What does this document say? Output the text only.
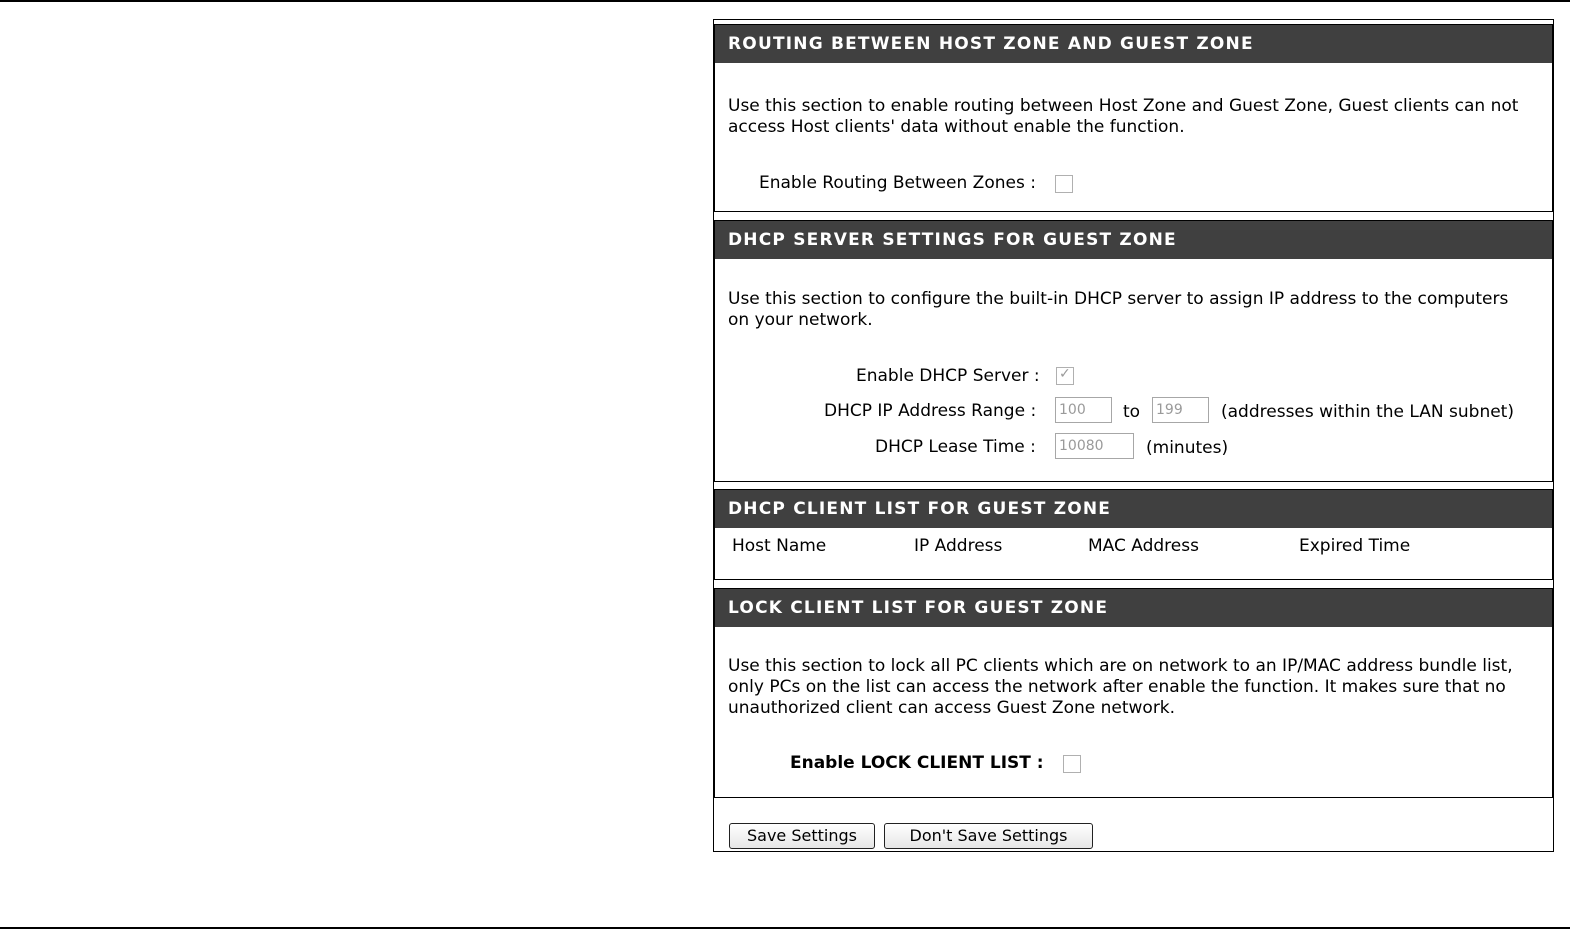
ROUTING BETWEEN HOST ZONE AND GUEST ZONE
Use this section to enable routing between Host Zone and Guest Zone, Guest clients can not access Host clients' data without enable the function.
Enable Routing Between Zones :
DHCP SERVER SETTINGS FOR GUEST ZONE
Use this section to configure the built-in DHCP server to assign IP address to the computers on your network.
Enable DHCP Server : ✓
DHCP IP Address Range : 100	to 199	(addresses within the LAN subnet)
DHCP Lease Time : 10080	(minutes)
DHCP CLIENT LIST FOR GUEST ZONE
Host Name	IP Address	MAC Address	Expired Time
LOCK CLIENT LIST FOR GUEST ZONE
Use this section to lock all PC clients which are on network to an IP/MAC address bundle list, only PCs on the list can access the network after enable the function. It makes sure that no unauthorized client can access Guest Zone network.
Enable LOCK CLIENT LIST :
Save Settings	Don't Save Settings
